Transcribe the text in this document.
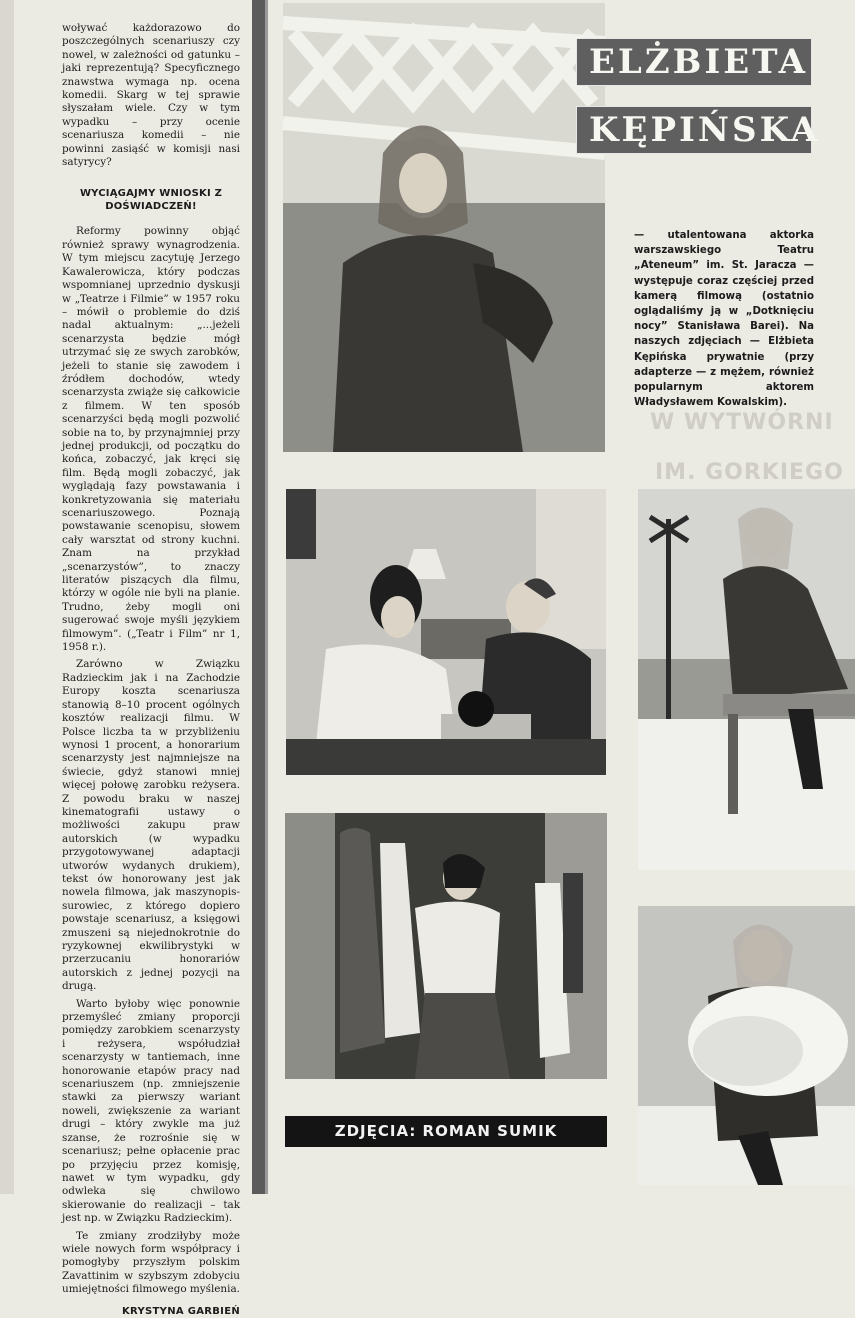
woływać każdorazowo do poszczególnych scenariuszy czy nowel, w zależności od gatunku – jaki reprezentują? Specyficznego znawstwa wymaga np. ocena komedii. Skarg w tej sprawie słyszałam wiele. Czy w tym wypadku – przy ocenie scenariusza komedii – nie powinni zasiąść w komisji nasi satyrycy?

WYCIĄGAJMY WNIOSKI Z DOŚWIADCZEŃ!

Reformy powinny objąć również sprawy wynagrodzenia. W tym miejscu zacytuję Jerzego Kawalerowicza, który podczas wspomnianej uprzednio dyskusji w „Teatrze i Filmie” w 1957 roku – mówił o problemie do dziś nadal aktualnym: „...jeżeli scenarzysta będzie mógł utrzymać się ze swych zarobków, jeżeli to stanie się zawodem i źródłem dochodów, wtedy scenarzysta zwiąże się całkowicie z filmem. W ten sposób scenarzyści będą mogli pozwolić sobie na to, by przynajmniej przy jednej produkcji, od początku do końca, zobaczyć, jak kręci się film. Będą mogli zobaczyć, jak wyglądają fazy powstawania i konkretyzowania się materiału scenariuszowego. Poznają powstawanie scenopisu, słowem cały warsztat od strony kuchni. Znam na przykład „scenarzystów”, to znaczy literatów piszących dla filmu, którzy w ogóle nie byli na planie. Trudno, żeby mogli oni sugerować swoje myśli językiem filmowym”. („Teatr i Film” nr 1, 1958 r.).

Zarówno w Związku Radzieckim jak i na Zachodzie Europy koszta scenariusza stanowią 8–10 procent ogólnych kosztów realizacji filmu. W Polsce liczba ta w przybliżeniu wynosi 1 procent, a honorarium scenarzysty jest najmniejsze na świecie, gdyż stanowi mniej więcej połowę zarobku reżysera. Z powodu braku w naszej kinematografii ustawy o możliwości zakupu praw autorskich (w wypadku przygotowywanej adaptacji utworów wydanych drukiem), tekst ów honorowany jest jak nowela filmowa, jak maszynopis-surowiec, z którego dopiero powstaje scenariusz, a księgowi zmuszeni są niejednokrotnie do ryzykownej ekwilibrystyki w przerzucaniu honorariów autorskich z jednej pozycji na drugą.

Warto byłoby więc ponownie przemyśleć zmiany proporcji pomiędzy zarobkiem scenarzysty i reżysera, współudział scenarzysty w tantiemach, inne honorowanie etapów pracy nad scenariuszem (np. zmniejszenie stawki za pierwszy wariant noweli, zwiększenie za wariant drugi – który zwykle ma już szanse, że rozrośnie się w scenariusz; pełne opłacenie prac po przyjęciu przez komisję, nawet w tym wypadku, gdy odwleka się chwilowo skierowanie do realizacji – tak jest np. w Związku Radzieckim).

Te zmiany zrodziłyby może wiele nowych form współpracy i pomogłyby przyszłym polskim Zavattinim w szybszym zdobyciu umiejętności filmowego myślenia.

KRYSTYNA GARBIEŃ
ELŻBIETA
KĘPIŃSKA
— utalentowana aktorka warszawskiego Teatru „Ateneum” im. St. Jaracza — występuje coraz częściej przed kamerą filmową (ostatnio oglądaliśmy ją w „Dotknięciu nocy” Stanisława Barei). Na naszych zdjęciach — Elżbieta Kępińska prywatnie (przy adapterze — z mężem, również popularnym aktorem Władysławem Kowalskim).
W WYTWÓRNI
IM. GORKIEGO
ZDJĘCIA: ROMAN SUMIK
